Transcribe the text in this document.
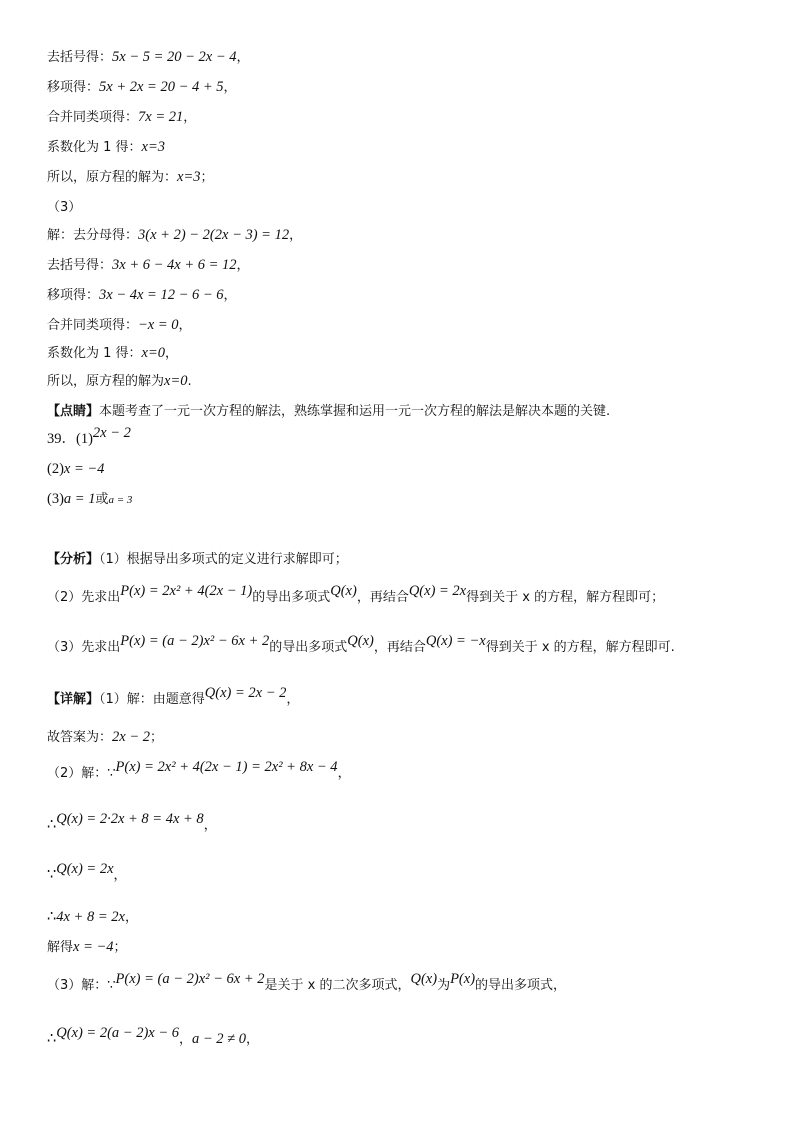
去括号得：5x − 5 = 20 − 2x − 4，
移项得：5x + 2x = 20 − 4 + 5，
合并同类项得：7x = 21，
系数化为 1 得：x=3
所以，原方程的解为：x=3；
（3）
解：去分母得：3(x + 2) − 2(2x − 3) = 12，
去括号得：3x + 6 − 4x + 6 = 12，
移项得：3x − 4x = 12 − 6 − 6，
合并同类项得：−x = 0，
系数化为 1 得：x=0，
所以，原方程的解为x=0.
【点睛】本题考查了一元一次方程的解法，熟练掌握和运用一元一次方程的解法是解决本题的关键.
39．(1)2x − 2
(2)x = −4
(3)a = 1或a = 3
【分析】（1）根据导出多项式的定义进行求解即可；
（2）先求出P(x) = 2x² + 4(2x − 1)的导出多项式Q(x)，再结合Q(x) = 2x得到关于 x 的方程，解方程即可；
（3）先求出P(x) = (a − 2)x² − 6x + 2的导出多项式Q(x)，再结合Q(x) = −x得到关于 x 的方程，解方程即可.
【详解】（1）解：由题意得Q(x) = 2x − 2，
故答案为：2x − 2；
（2）解：∵P(x) = 2x² + 4(2x − 1) = 2x² + 8x − 4，
∴Q(x) = 2·2x + 8 = 4x + 8，
∵Q(x) = 2x，
∴4x + 8 = 2x，
解得x = −4；
（3）解：∵P(x) = (a − 2)x² − 6x + 2是关于 x 的二次多项式，Q(x)为P(x)的导出多项式，
∴Q(x) = 2(a − 2)x − 6，a − 2 ≠ 0，
